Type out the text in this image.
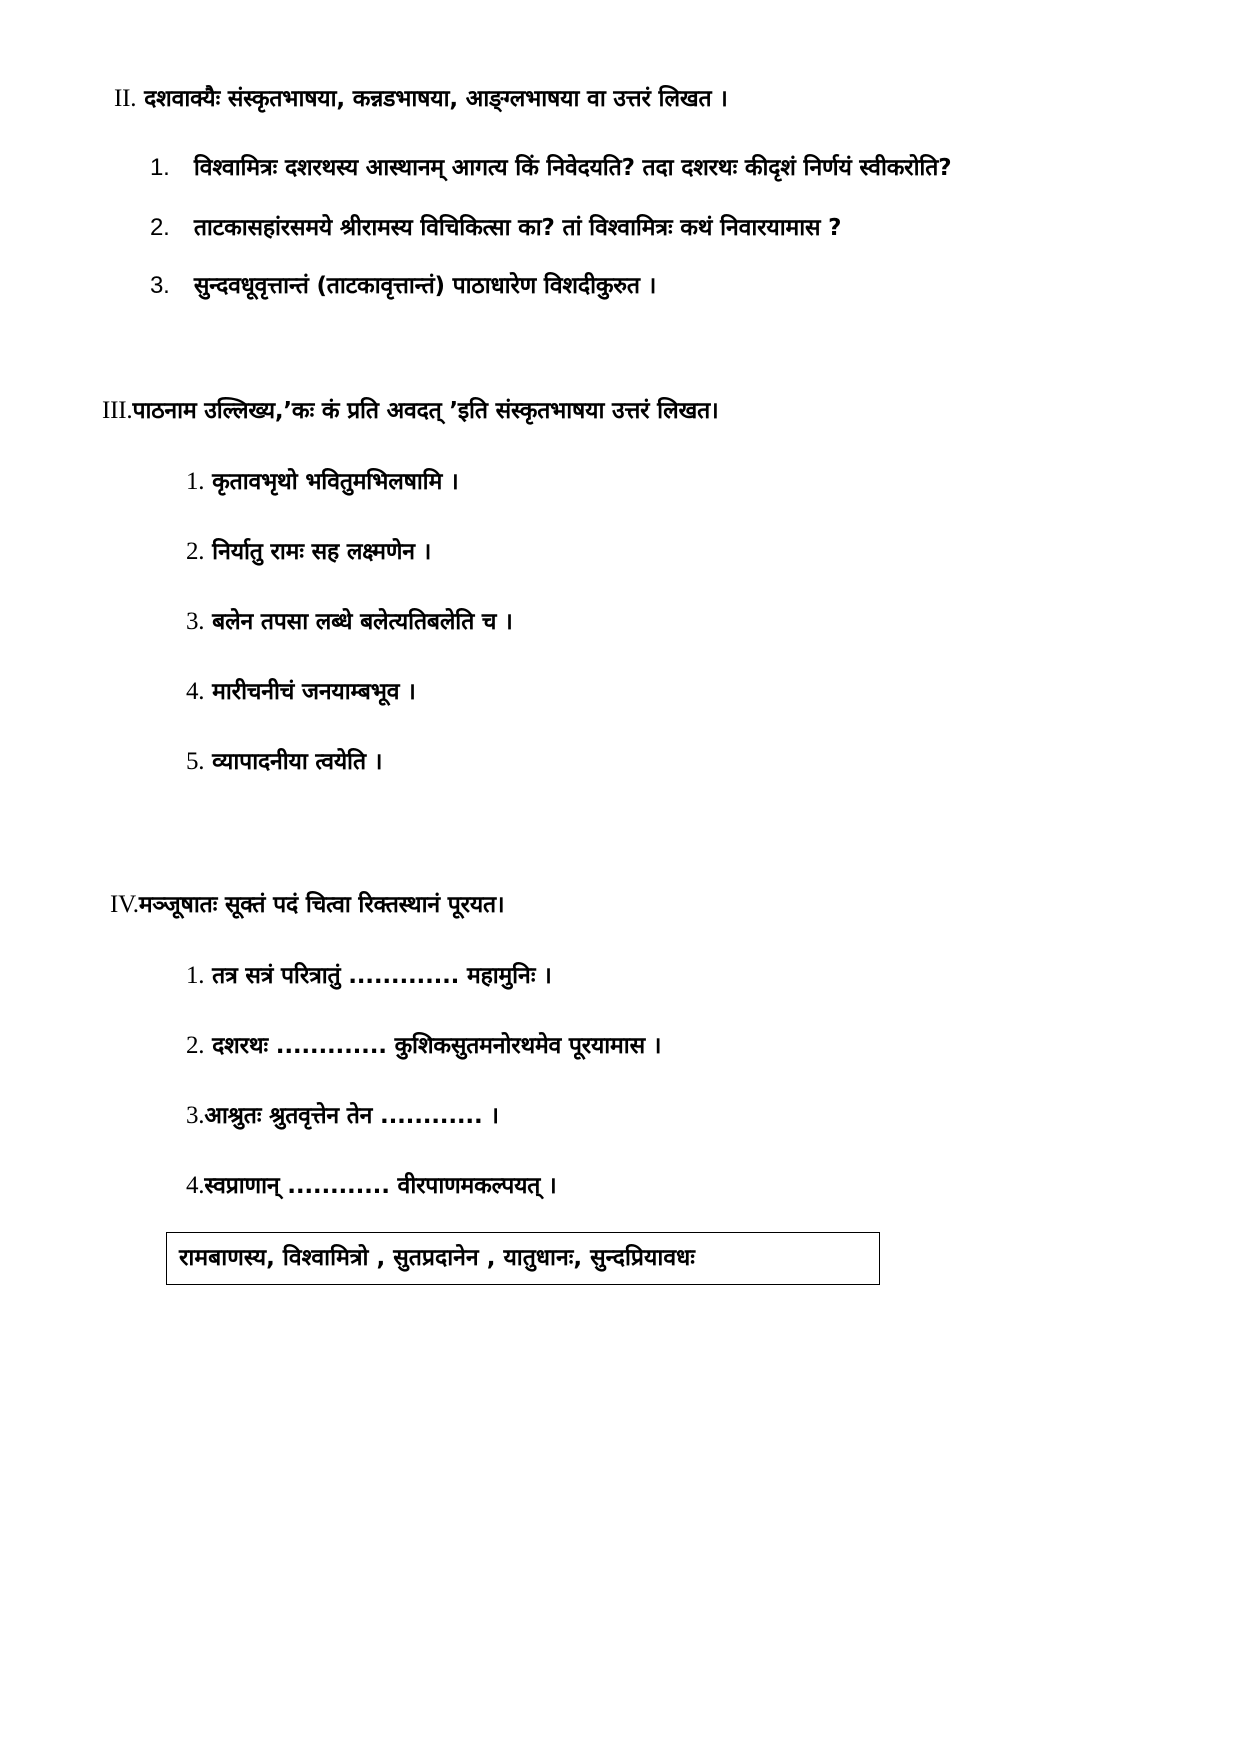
II. दशवाक्यैः संस्कृतभाषया, कन्नडभाषया, आङ्ग्लभाषया वा उत्तरं लिखत ।
1. विश्वामित्रः दशरथस्य आस्थानम् आगत्य किं निवेदयति? तदा दशरथः कीदृशं निर्णयं स्वीकरोति?
2. ताटकासहांरसमये श्रीरामस्य विचिकित्सा का? तां विश्वामित्रः कथं निवारयामास ?
3. सुन्दवधूवृत्तान्तं (ताटकावृत्तान्तं) पाठाधारेण विशदीकुरुत ।
III.पाठनाम उल्लिख्य,’कः कं प्रति अवदत् ’इति संस्कृतभाषया उत्तरं लिखत।
1. कृतावभृथो भवितुमभिलषामि ।
2. निर्यातु रामः सह लक्ष्मणेन ।
3. बलेन तपसा लब्धे बलेत्यतिबलेति च ।
4. मारीचनीचं जनयाम्बभूव ।
5. व्यापादनीया त्वयेति ।
IV.मञ्जूषातः सूक्तं पदं चित्वा रिक्तस्थानं पूरयत।
1. तत्र सत्रं परित्रातुं ............. महामुनिः ।
2. दशरथः ............. कुशिकसुतमनोरथमेव पूरयामास ।
3.आश्रुतः श्रुतवृत्तेन तेन ............ ।
4.स्वप्राणान् ............ वीरपाणमकल्पयत् ।
रामबाणस्य, विश्वामित्रो , सुतप्रदानेन , यातुधानः, सुन्दप्रियावधः
